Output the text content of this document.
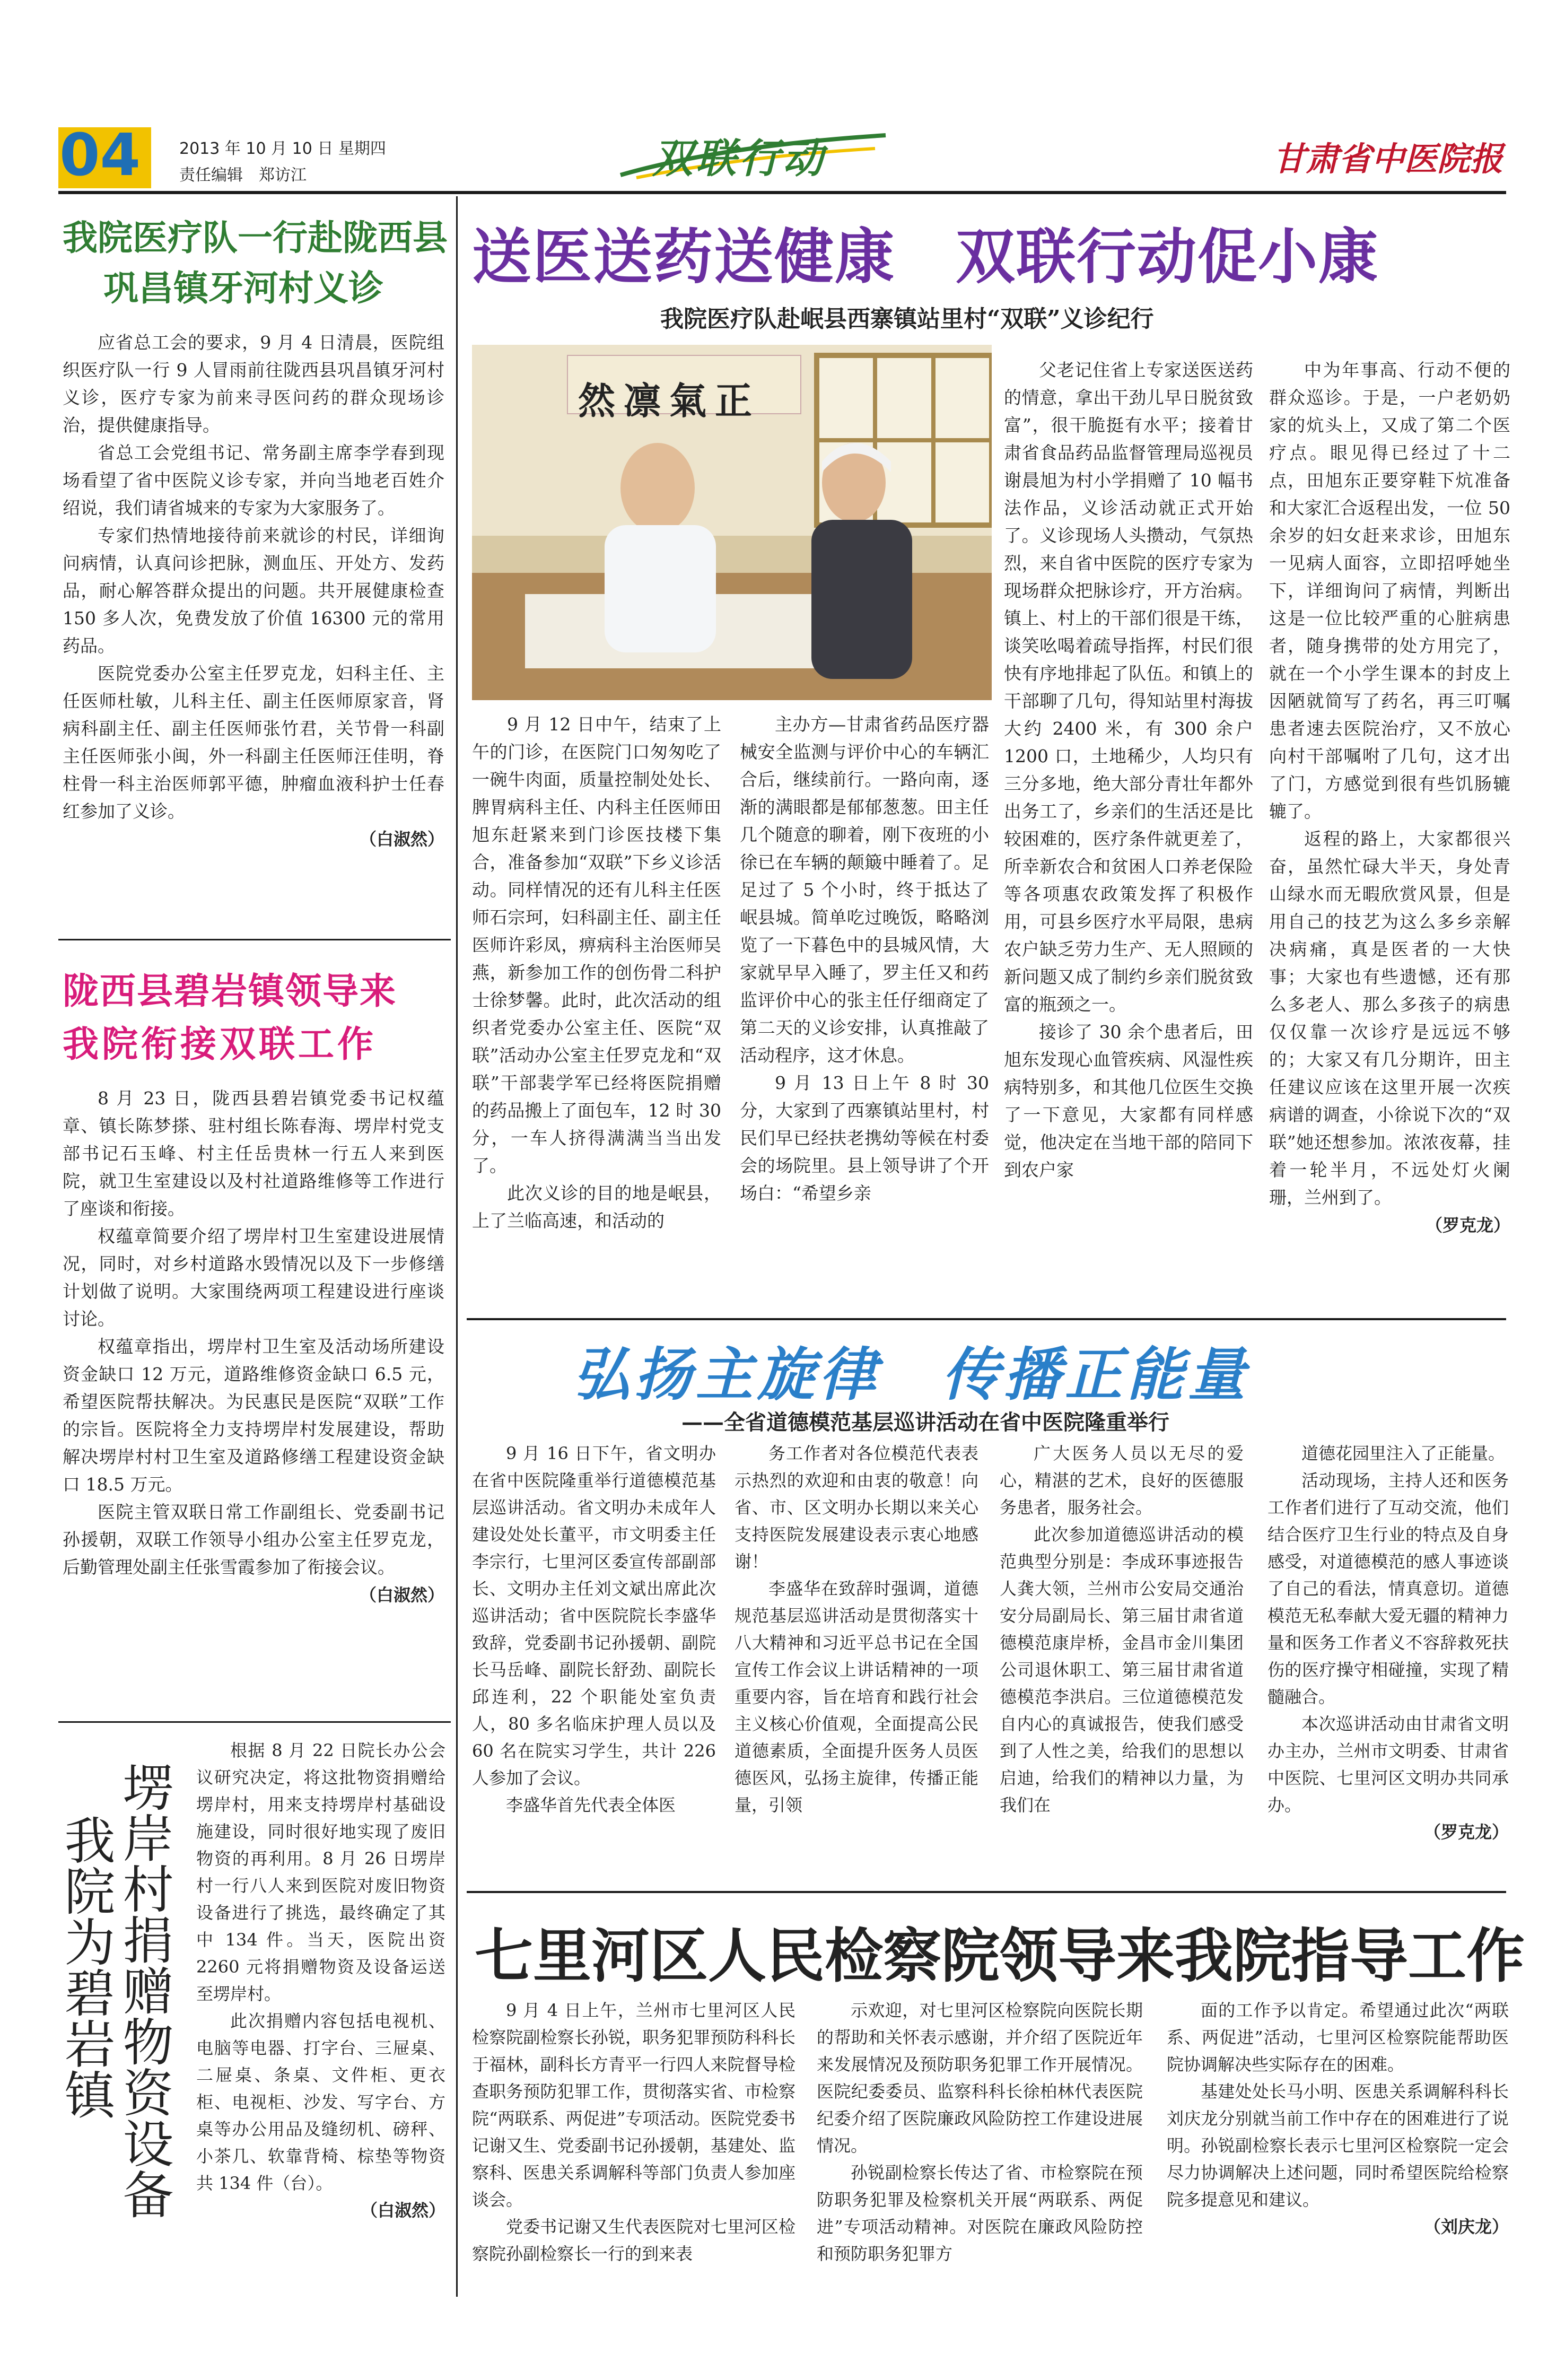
04 2013 年 10 月 10 日 星期四
责任编辑　郑访江	双联行动	甘肃省中医院报
我院医疗队一行赴陇西县
巩昌镇牙河村义诊

应省总工会的要求，9 月 4 日清晨，医院组织医疗队一行 9 人冒雨前往陇西县巩昌镇牙河村义诊，医疗专家为前来寻医问药的群众现场诊治，提供健康指导。

省总工会党组书记、常务副主席李学春到现场看望了省中医院义诊专家，并向当地老百姓介绍说，我们请省城来的专家为大家服务了。

专家们热情地接待前来就诊的村民，详细询问病情，认真问诊把脉，测血压、开处方、发药品，耐心解答群众提出的问题。共开展健康检查 150 多人次，免费发放了价值 16300 元的常用药品。

医院党委办公室主任罗克龙，妇科主任、主任医师杜敏，儿科主任、副主任医师原家音，肾病科副主任、副主任医师张竹君，关节骨一科副主任医师张小闽，外一科副主任医师汪佳明，脊柱骨一科主治医师郭平德，肿瘤血液科护士任春红参加了义诊。

（白淑然）
陇西县碧岩镇领导来
我院衔接双联工作

8 月 23 日，陇西县碧岩镇党委书记权蕴章、镇长陈梦搽、驻村组长陈春海、塄岸村党支部书记石玉峰、村主任岳贵林一行五人来到医院，就卫生室建设以及村社道路维修等工作进行了座谈和衔接。

权蕴章简要介绍了塄岸村卫生室建设进展情况，同时，对乡村道路水毁情况以及下一步修缮计划做了说明。大家围绕两项工程建设进行座谈讨论。

权蕴章指出，塄岸村卫生室及活动场所建设资金缺口 12 万元，道路维修资金缺口 6.5 元，希望医院帮扶解决。为民惠民是医院“双联”工作的宗旨。医院将全力支持塄岸村发展建设，帮助解决塄岸村村卫生室及道路修缮工程建设资金缺口 18.5 万元。

医院主管双联日常工作副组长、党委副书记孙援朝，双联工作领导小组办公室主任罗克龙，后勤管理处副主任张雪霞参加了衔接会议。

（白淑然）
塄岸村捐赠物资设备
我院为碧岩镇

根据 8 月 22 日院长办公会议研究决定，将这批物资捐赠给塄岸村，用来支持塄岸村基础设施建设，同时很好地实现了废旧物资的再利用。8 月 26 日塄岸村一行八人来到医院对废旧物资设备进行了挑选，最终确定了其中 134 件。当天，医院出资 2260 元将捐赠物资及设备运送至塄岸村。

此次捐赠内容包括电视机、电脑等电器、打字台、三屉桌、二屉桌、条桌、文件柜、更衣柜、电视柜、沙发、写字台、方桌等办公用品及缝纫机、磅秤、小茶几、软靠背椅、棕垫等物资共 134 件（台）。

（白淑然）
送医送药送健康　双联行动促小康
我院医疗队赴岷县西寨镇站里村“双联”义诊纪行
然凛氣正

9 月 12 日中午，结束了上午的门诊，在医院门口匆匆吃了一碗牛肉面，质量控制处处长、脾胃病科主任、内科主任医师田旭东赶紧来到门诊医技楼下集合，准备参加“双联”下乡义诊活动。同样情况的还有儿科主任医师石宗珂，妇科副主任、副主任医师许彩凤，痹病科主治医师吴燕，新参加工作的创伤骨二科护士徐梦馨。此时，此次活动的组织者党委办公室主任、医院“双联”活动办公室主任罗克龙和“双联”干部裴学军已经将医院捐赠的药品搬上了面包车，12 时 30 分，一车人挤得满满当当出发了。

此次义诊的目的地是岷县，上了兰临高速，和活动的

主办方—甘肃省药品医疗器械安全监测与评价中心的车辆汇合后，继续前行。一路向南，逐渐的满眼都是郁郁葱葱。田主任几个随意的聊着，刚下夜班的小徐已在车辆的颠簸中睡着了。足足过了 5 个小时，终于抵达了岷县城。简单吃过晚饭，略略浏览了一下暮色中的县城风情，大家就早早入睡了，罗主任又和药监评价中心的张主任仔细商定了第二天的义诊安排，认真推敲了活动程序，这才休息。

9 月 13 日上午 8 时 30 分，大家到了西寨镇站里村，村民们早已经扶老携幼等候在村委会的场院里。县上领导讲了个开场白：“希望乡亲

父老记住省上专家送医送药的情意，拿出干劲儿早日脱贫致富”，很干脆挺有水平；接着甘肃省食品药品监督管理局巡视员谢晨旭为村小学捐赠了 10 幅书法作品，义诊活动就正式开始了。义诊现场人头攒动，气氛热烈，来自省中医院的医疗专家为现场群众把脉诊疗，开方治病。镇上、村上的干部们很是干练，谈笑吆喝着疏导指挥，村民们很快有序地排起了队伍。和镇上的干部聊了几句，得知站里村海拔大约 2400 米，有 300 余户 1200 口，土地稀少，人均只有三分多地，绝大部分青壮年都外出务工了，乡亲们的生活还是比较困难的，医疗条件就更差了，所幸新农合和贫困人口养老保险等各项惠农政策发挥了积极作用，可县乡医疗水平局限，患病农户缺乏劳力生产、无人照顾的新问题又成了制约乡亲们脱贫致富的瓶颈之一。

接诊了 30 余个患者后，田旭东发现心血管疾病、风湿性疾病特别多，和其他几位医生交换了一下意见，大家都有同样感觉，他决定在当地干部的陪同下到农户家

中为年事高、行动不便的群众巡诊。于是，一户老奶奶家的炕头上，又成了第二个医疗点。眼见得已经过了十二点，田旭东正要穿鞋下炕准备和大家汇合返程出发，一位 50 余岁的妇女赶来求诊，田旭东一见病人面容，立即招呼她坐下，详细询问了病情，判断出这是一位比较严重的心脏病患者，随身携带的处方用完了，就在一个小学生课本的封皮上因陋就简写了药名，再三叮嘱患者速去医院治疗，又不放心向村干部嘱咐了几句，这才出了门，方感觉到很有些饥肠辘辘了。

返程的路上，大家都很兴奋，虽然忙碌大半天，身处青山绿水而无暇欣赏风景，但是用自己的技艺为这么多乡亲解决病痛，真是医者的一大快事；大家也有些遗憾，还有那么多老人、那么多孩子的病患仅仅靠一次诊疗是远远不够的；大家又有几分期许，田主任建议应该在这里开展一次疾病谱的调查，小徐说下次的“双联”她还想参加。浓浓夜幕，挂着一轮半月，不远处灯火阑珊，兰州到了。

（罗克龙）
弘扬主旋律　传播正能量
——全省道德模范基层巡讲活动在省中医院隆重举行

9 月 16 日下午，省文明办在省中医院隆重举行道德模范基层巡讲活动。省文明办未成年人建设处处长董平，市文明委主任李宗行，七里河区委宣传部副部长、文明办主任刘文斌出席此次巡讲活动；省中医院院长李盛华致辞，党委副书记孙援朝、副院长马岳峰、副院长舒劲、副院长邱连利，22 个职能处室负责人，80 多名临床护理人员以及 60 名在院实习学生，共计 226 人参加了会议。

李盛华首先代表全体医

务工作者对各位模范代表表示热烈的欢迎和由衷的敬意！向省、市、区文明办长期以来关心支持医院发展建设表示衷心地感谢！

李盛华在致辞时强调，道德规范基层巡讲活动是贯彻落实十八大精神和习近平总书记在全国宣传工作会议上讲话精神的一项重要内容，旨在培育和践行社会主义核心价值观，全面提高公民道德素质，全面提升医务人员医德医风，弘扬主旋律，传播正能量，引领

广大医务人员以无尽的爱心，精湛的艺术，良好的医德服务患者，服务社会。

此次参加道德巡讲活动的模范典型分别是：李成环事迹报告人龚大领，兰州市公安局交通治安分局副局长、第三届甘肃省道德模范康岸桥，金昌市金川集团公司退休职工、第三届甘肃省道德模范李洪启。三位道德模范发自内心的真诚报告，使我们感受到了人性之美，给我们的思想以启迪，给我们的精神以力量，为我们在

道德花园里注入了正能量。

活动现场，主持人还和医务工作者们进行了互动交流，他们结合医疗卫生行业的特点及自身感受，对道德模范的感人事迹谈了自己的看法，情真意切。道德模范无私奉献大爱无疆的精神力量和医务工作者义不容辞救死扶伤的医疗操守相碰撞，实现了精髓融合。

本次巡讲活动由甘肃省文明办主办，兰州市文明委、甘肃省中医院、七里河区文明办共同承办。

（罗克龙）
七里河区人民检察院领导来我院指导工作

9 月 4 日上午，兰州市七里河区人民检察院副检察长孙锐，职务犯罪预防科科长于福林，副科长方青平一行四人来院督导检查职务预防犯罪工作，贯彻落实省、市检察院“两联系、两促进”专项活动。医院党委书记谢又生、党委副书记孙援朝，基建处、监察科、医患关系调解科等部门负责人参加座谈会。

党委书记谢又生代表医院对七里河区检察院孙副检察长一行的到来表

示欢迎，对七里河区检察院向医院长期的帮助和关怀表示感谢，并介绍了医院近年来发展情况及预防职务犯罪工作开展情况。医院纪委委员、监察科科长徐柏林代表医院纪委介绍了医院廉政风险防控工作建设进展情况。

孙锐副检察长传达了省、市检察院在预防职务犯罪及检察机关开展“两联系、两促进”专项活动精神。对医院在廉政风险防控和预防职务犯罪方

面的工作予以肯定。希望通过此次“两联系、两促进”活动，七里河区检察院能帮助医院协调解决些实际存在的困难。

基建处处长马小明、医患关系调解科科长刘庆龙分别就当前工作中存在的困难进行了说明。孙锐副检察长表示七里河区检察院一定会尽力协调解决上述问题，同时希望医院给检察院多提意见和建议。

（刘庆龙）
